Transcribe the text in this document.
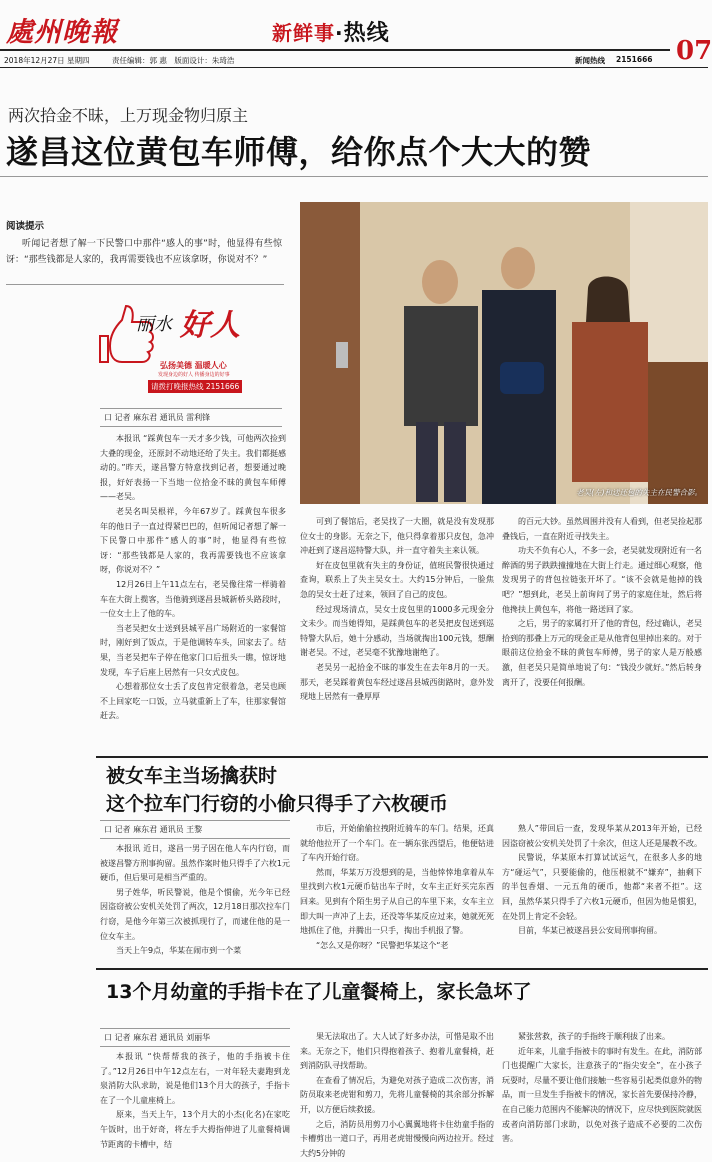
處州晚報	新鲜事·热线
07
2018年12月27日 星期四	责任编辑：郭 惠　版面设计：朱琦浩	新闻热线 2151666
两次拾金不昧，上万现金物归原主
遂昌这位黄包车师傅，给你点个大大的赞
阅读提示

听闻记者想了解一下民警口中那件“感人的事”时，他显得有些惊讶：“那些钱都是人家的，我再需要钱也不应该拿呀，你说对不？”

丽水 好人
弘扬美德 温暖人心
发现身边的好人 传播身边的好事
请拨打晚报热线 2151666
老吴(左)和送还包的失主在民警合影。
口 记者 麻东君 通讯员 雷利锋

本报讯 “踩黄包车一天才多少钱，可他两次捡到大叠的现金，还原封不动地还给了失主。我们都挺感动的。”昨天，遂昌警方特意找到记者，想要通过晚报，好好表扬一下当地一位拾金不昧的黄包车师傅——老吴。

老吴名叫吴根祥，今年67岁了。踩黄包车很多年的他日子一直过得紧巴巴的，但听闻记者想了解一下民警口中那件“感人的事”时，他显得有些惊讶：“那些钱都是人家的，我再需要钱也不应该拿呀，你说对不？”

12月26日上午11点左右，老吴像往常一样骑着车在大街上揽客，当他骑到遂昌县城新桥头路段时，一位女士上了他的车。

当老吴把女士送到县城平昌广场附近的一家餐馆时，刚好到了饭点，于是他调转车头，回家去了。结果，当老吴把车子停在他家门口后扭头一瞧，惊讶地发现，车子后座上居然有一只女式皮包。

心想着那位女士丢了皮包肯定很着急，老吴也顾不上回家吃一口饭，立马就重新上了车，往那家餐馆赶去。

可到了餐馆后，老吴找了一大圈，就是没有发现那位女士的身影。无奈之下，他只得拿着那只皮包，急冲冲赶到了遂昌巡特警大队，并一直守着失主来认领。

好在皮包里就有失主的身份证，值班民警很快通过查询，联系上了失主吴女士。大约15分钟后，一脸焦急的吴女士赶了过来，领回了自己的皮包。

经过现场清点，吴女士皮包里的1000多元现金分文未少。而当她得知，是踩黄包车的老吴把皮包送到巡特警大队后，她十分感动，当场就掏出100元钱，想酬谢老吴。不过，老吴毫不犹豫地谢绝了。

老吴另一起拾金不昧的事发生在去年8月的一天。那天，老吴踩着黄包车经过遂昌县城西街路时，意外发现地上居然有一叠厚厚

的百元大钞。虽然周围并没有人看到，但老吴捡起那叠钱后，一直在附近寻找失主。

功夫不负有心人，不多一会，老吴就发现附近有一名醉酒的男子跌跌撞撞地在大街上行走。通过细心观察，他发现男子的背包拉链张开坏了。“该不会就是他掉的钱吧？”想到此，老吴上前询问了男子的家庭住址，然后将他搀扶上黄包车，将他一路送回了家。

之后，男子的家属打开了他的背包，经过确认，老吴拾到的那叠上万元的现金正是从他背包里掉出来的。对于眼前这位拾金不昧的黄包车师傅，男子的家人是万般感激，但老吴只是简单地说了句：“钱没少就好。”然后转身离开了，没要任何报酬。

被女车主当场擒获时
这个拉车门行窃的小偷只得手了六枚硬币
口 记者 麻东君 通讯员 王黎

本报讯 近日，遂昌一男子因在他人车内行窃，而被遂昌警方刑事拘留。虽然作案时他只得手了六枚1元硬币，但后果可是相当严重的。

男子姓华，听民警说，他是个惯偷，光今年已经因盗窃被公安机关处罚了两次，12月18日那次拉车门行窃，是他今年第三次被抓现行了，而逮住他的是一位女车主。

当天上午9点，华某在闹市到一个菜

市后，开始偷偷拉拽附近骑车的车门。结果，还真就给他拉开了一个车门。在一辆东张西望后，他便钻进了车内开始行窃。

然而，华某万万没想到的是，当他悻悻地拿着从车里找到六枚1元硬币钻出车子时，女车主正好买完东西回来。见到有个陌生男子从自己的车里下来，女车主立即大叫一声冲了上去，还没等华某反应过来，她就死死地抓住了他，并腾出一只手，掏出手机报了警。

“怎么又是你呀？”民警把华某这个“老

熟人”带回后一查，发现华某从2013年开始，已经因盗窃被公安机关处罚了十余次，但这人还是屡教不改。

民警说，华某原本打算试试运气，在很多人多的地方“碰运气”，只要能偷的，他压根就不“嫌弃”，抽剩下的半包香烟、一元五角的硬币，他都“来者不拒”。这回，虽然华某只得手了六枚1元硬币，但因为他是惯犯，在处罚上肯定不会轻。

目前，华某已被遂昌县公安局刑事拘留。

13个月幼童的手指卡在了儿童餐椅上，家长急坏了
口 记者 麻东君 通讯员 刘丽华

本报讯 “快帮帮我的孩子，他的手指被卡住了。”12月26日中午12点左右，一对年轻夫妻跑到龙泉消防大队求助，说是他们13个月大的孩子，手指卡在了一个儿童座椅上。

原来，当天上午，13个月大的小杰(化名)在家吃午饭时，出于好奇，将左手大拇指伸进了儿童餐椅调节距离的卡槽中，结

果无法取出了。大人试了好多办法，可惜是取不出来。无奈之下，他们只得抱着孩子、抱着儿童餐椅，赶到消防队寻找帮助。

在查看了情况后，为避免对孩子造成二次伤害，消防员取来老虎钳和剪刀，先将儿童餐椅的其余部分拆解开，以方便后续救援。

之后，消防员用剪刀小心翼翼地将卡住幼童手指的卡槽剪出一道口子，再用老虎钳慢慢向两边拉开。经过大约5分钟的

紧张营救，孩子的手指终于顺利拔了出来。

近年来，儿童手指被卡的事时有发生。在此，消防部门也提醒广大家长，注意孩子的“指尖安全”，在小孩子玩耍时，尽量不要让他们接触一些容易引起类似意外的物品，而一旦发生手指被卡的情况，家长首先要保持冷静，在自己能力范围内不能解决的情况下，应尽快到医院就医或者向消防部门求助，以免对孩子造成不必要的二次伤害。
